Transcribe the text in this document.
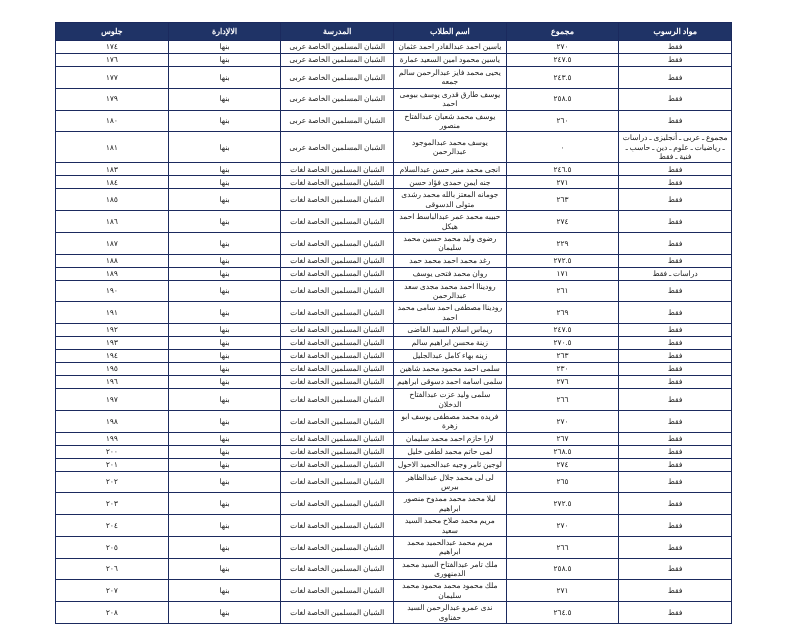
مواد الرسوب	مجموع	اسم الطلاب	المدرسة	الاﻹدارة	جلوس
فقط	٢٧٠	ياسين احمد عبدالقادر احمد عثمان	الشبان المسلمين الخاصة عربى	بنها	١٧٤
فقط	٢٤٧.٥	ياسين محمود امين السعيد عمارة	الشبان المسلمين الخاصة عربى	بنها	١٧٦
فقط	٢٤٣.٥	يحيى محمد فايز عبدالرحمن سالم جمعه	الشبان المسلمين الخاصة عربى	بنها	١٧٧
فقط	٢٥٨.٥	يوسف طارق قدرى يوسف بيومى احمد	الشبان المسلمين الخاصة عربى	بنها	١٧٩
فقط	٢٦٠	يوسف محمد شعبان عبدالفتاح منصور	الشبان المسلمين الخاصة عربى	بنها	١٨٠
مجموع ـ عربى ـ أنجليزى ـ دراسات ـ رياضيات ـ علوم ـ دين ـ حاسب ـ فنية ـ فقط	٠	يوسف محمد عبدالموجود عبدالرحمن	الشبان المسلمين الخاصة عربى	بنها	١٨١
فقط	٢٤٦.٥	انجى محمد منير حسن عبدالسلام	الشبان المسلمين الخاصة لغات	بنها	١٨٣
فقط	٢٧١	جنه ايمن حمدى فؤاد حسن	الشبان المسلمين الخاصة لغات	بنها	١٨٤
فقط	٢٦٣	جومانه المعتز بالله محمد رشدى متولى الدسوقى	الشبان المسلمين الخاصة لغات	بنها	١٨٥
فقط	٢٧٤	حبيبه محمد عمر عبدالباسط احمد هيكل	الشبان المسلمين الخاصة لغات	بنها	١٨٦
فقط	٢٢٩	رضوى وليد محمد حسين محمد سليمان	الشبان المسلمين الخاصة لغات	بنها	١٨٧
فقط	٢٧٢.٥	رغد محمد احمد محمد حمد	الشبان المسلمين الخاصة لغات	بنها	١٨٨
دراسات ـ فقط	١٧١	روان محمد فتحى يوسف	الشبان المسلمين الخاصة لغات	بنها	١٨٩
فقط	٢٦١	روديناا احمد محمد مجدى سعد عبدالرحمن	الشبان المسلمين الخاصة لغات	بنها	١٩٠
فقط	٢٦٩	روديناا مصطفى احمد سامى محمد احمد	الشبان المسلمين الخاصة لغات	بنها	١٩١
فقط	٢٤٧.٥	ريماس اسلام السيد القاضى	الشبان المسلمين الخاصة لغات	بنها	١٩٢
فقط	٢٧٠.٥	زينة محسن ابراهيم سالم	الشبان المسلمين الخاصة لغات	بنها	١٩٣
فقط	٢٦٣	زينه بهاء كامل عبدالجليل	الشبان المسلمين الخاصة لغات	بنها	١٩٤
فقط	٢٣٠	سلمى احمد محمود محمد شاهين	الشبان المسلمين الخاصة لغات	بنها	١٩٥
فقط	٢٧٦	سلمى اسامه احمد دسوقى ابراهيم	الشبان المسلمين الخاصة لغات	بنها	١٩٦
فقط	٢٦٦	سلمى وليد عزت عبدالفتاح الدخلان	الشبان المسلمين الخاصة لغات	بنها	١٩٧
فقط	٢٧٠	فريده محمد مصطفى يوسف ابو زهرة	الشبان المسلمين الخاصة لغات	بنها	١٩٨
فقط	٢٦٧	لارا حازم احمد محمد سليمان	الشبان المسلمين الخاصة لغات	بنها	١٩٩
فقط	٢٦٨.٥	لمى حاتم محمد لطفى خليل	الشبان المسلمين الخاصة لغات	بنها	٢٠٠
فقط	٢٧٤	لوجين ثامر وجيه عبدالحميد الاحول	الشبان المسلمين الخاصة لغات	بنها	٢٠١
فقط	٢٦٥	لى لى محمد جلال عبدالظاهر بيرس	الشبان المسلمين الخاصة لغات	بنها	٢٠٢
فقط	٢٧٢.٥	ليلا محمد محمد ممدوح منصور ابراهيم	الشبان المسلمين الخاصة لغات	بنها	٢٠٣
فقط	٢٧٠	مريم محمد صلاح محمد السيد سعيد	الشبان المسلمين الخاصة لغات	بنها	٢٠٤
فقط	٢٦٦	مريم محمد عبدالحميد محمد ابراهيم	الشبان المسلمين الخاصة لغات	بنها	٢٠٥
فقط	٢٥٨.٥	ملك تامر عبدالفتاح السيد محمد الدمنهورى	الشبان المسلمين الخاصة لغات	بنها	٢٠٦
فقط	٢٧١	ملك محمود محمد محمود محمد سليمان	الشبان المسلمين الخاصة لغات	بنها	٢٠٧
فقط	٢٦٤.٥	ندى عمرو عبدالرحمن السيد حفناوى	الشبان المسلمين الخاصة لغات	بنها	٢٠٨
